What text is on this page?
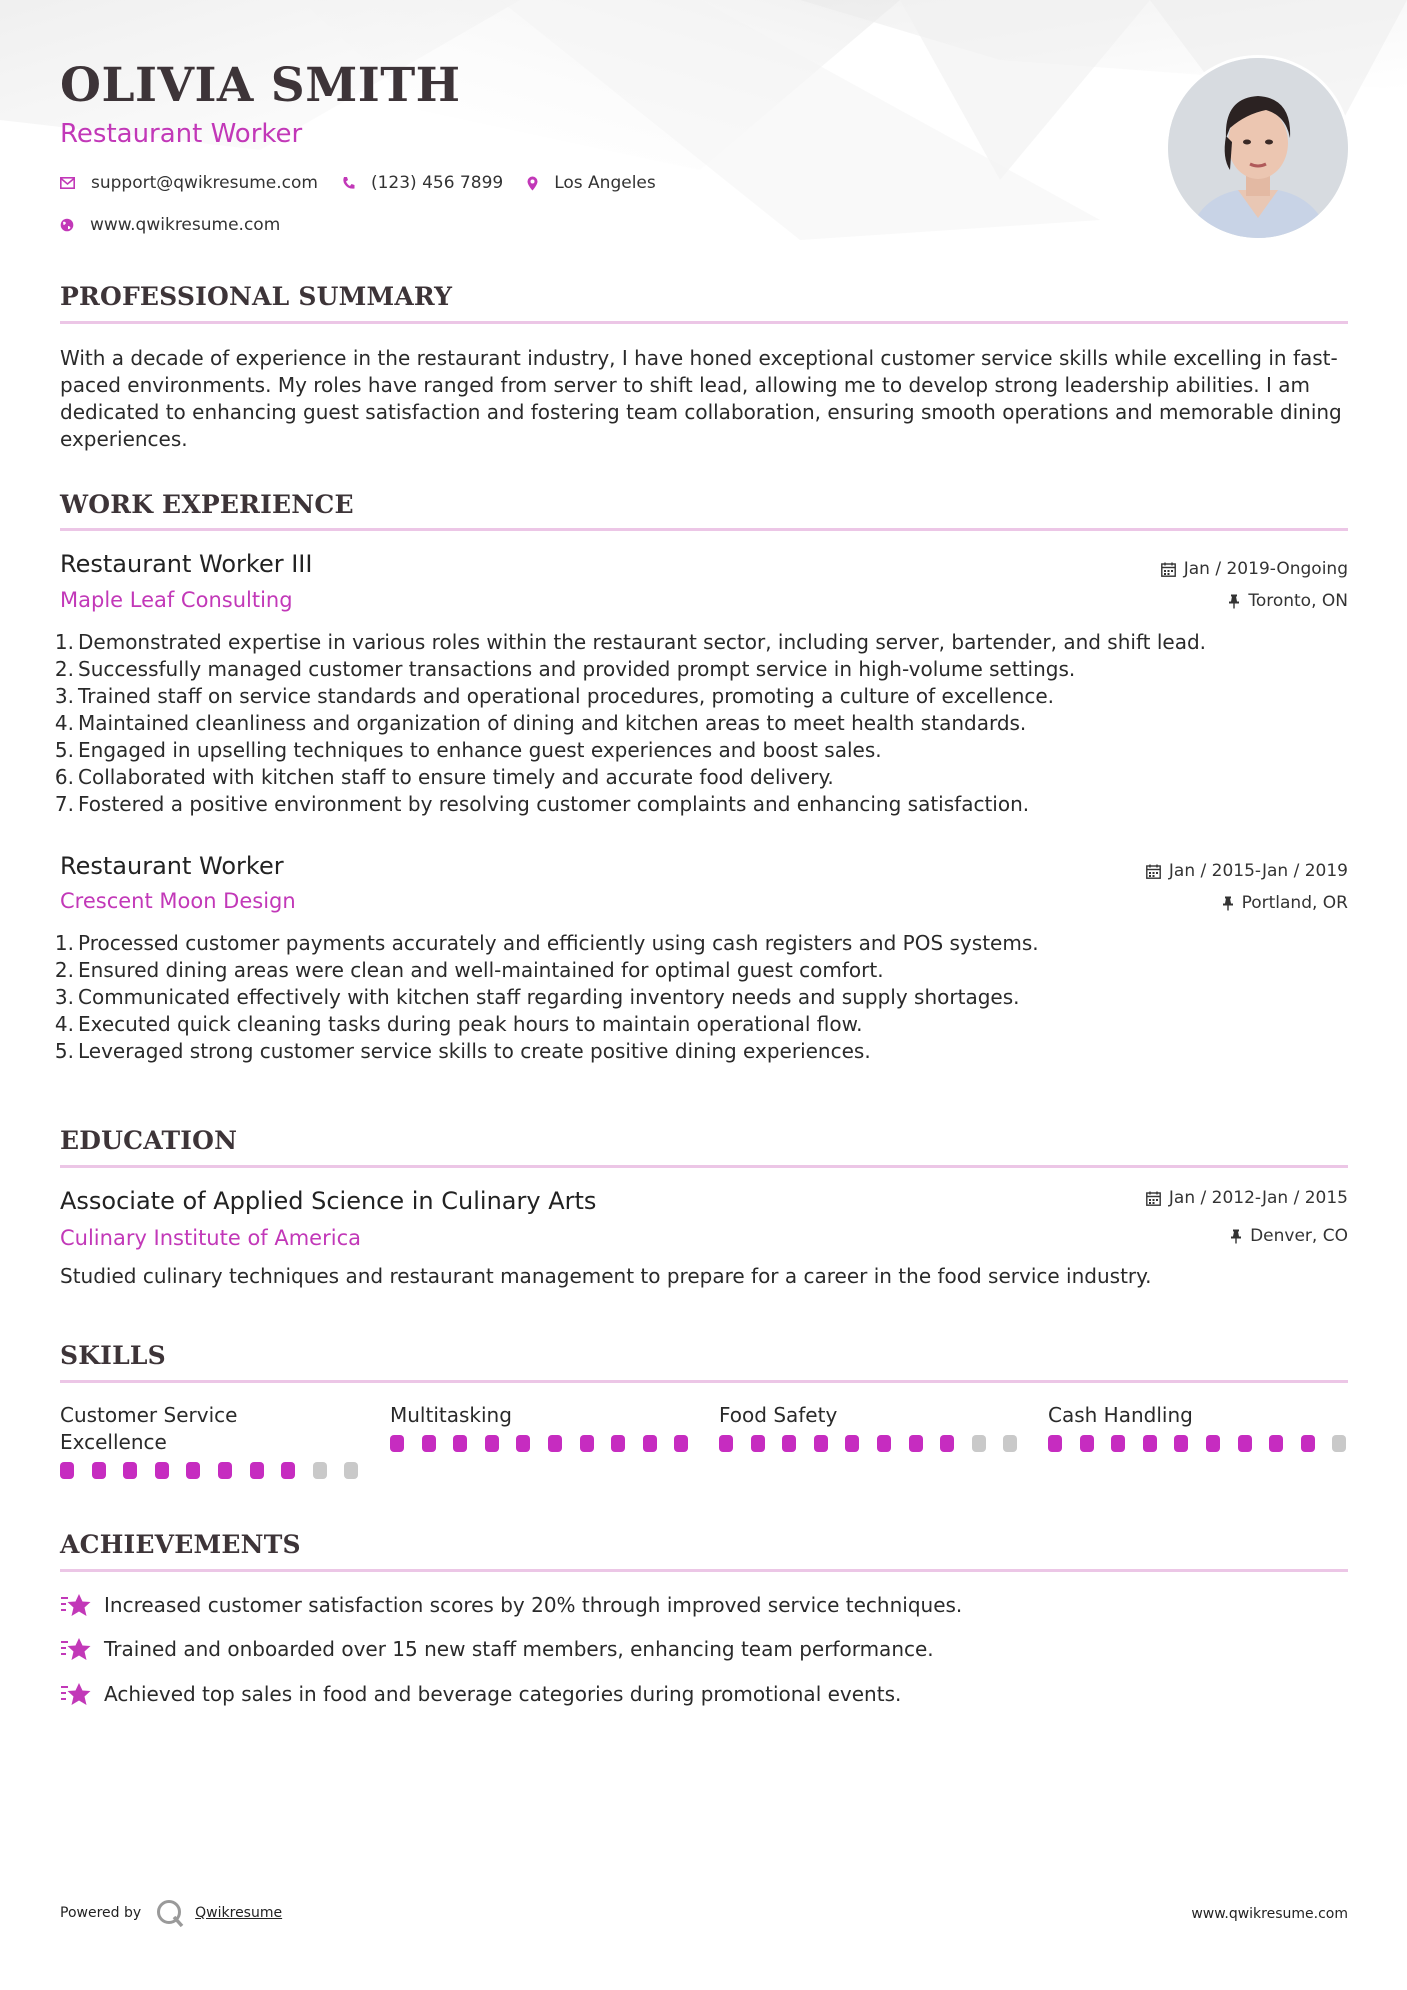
OLIVIA SMITH
Restaurant Worker
support@qwikresume.com	(123) 456 7899	Los Angeles
www.qwikresume.com
PROFESSIONAL SUMMARY

With a decade of experience in the restaurant industry, I have honed exceptional customer service skills while excelling in fast-paced environments. My roles have ranged from server to shift lead, allowing me to develop strong leadership abilities. I am dedicated to enhancing guest satisfaction and fostering team collaboration, ensuring smooth operations and memorable dining experiences.

WORK EXPERIENCE
Restaurant Worker III
Maple Leaf Consulting
Jan / 2019-Ongoing
Toronto, ON
1. Demonstrated expertise in various roles within the restaurant sector, including server, bartender, and shift lead.
2. Successfully managed customer transactions and provided prompt service in high-volume settings.
3. Trained staff on service standards and operational procedures, promoting a culture of excellence.
4. Maintained cleanliness and organization of dining and kitchen areas to meet health standards.
5. Engaged in upselling techniques to enhance guest experiences and boost sales.
6. Collaborated with kitchen staff to ensure timely and accurate food delivery.
7. Fostered a positive environment by resolving customer complaints and enhancing satisfaction.
Restaurant Worker
Crescent Moon Design
Jan / 2015-Jan / 2019
Portland, OR
1. Processed customer payments accurately and efficiently using cash registers and POS systems.
2. Ensured dining areas were clean and well-maintained for optimal guest comfort.
3. Communicated effectively with kitchen staff regarding inventory needs and supply shortages.
4. Executed quick cleaning tasks during peak hours to maintain operational flow.
5. Leveraged strong customer service skills to create positive dining experiences.
EDUCATION
Associate of Applied Science in Culinary Arts
Culinary Institute of America
Jan / 2012-Jan / 2015
Denver, CO

Studied culinary techniques and restaurant management to prepare for a career in the food service industry.

SKILLS
Customer Service Excellence
Multitasking	Food Safety	Cash Handling
ACHIEVEMENTS
Increased customer satisfaction scores by 20% through improved service techniques.
Trained and onboarded over 15 new staff members, enhancing team performance.
Achieved top sales in food and beverage categories during promotional events.
Powered by	Qwikresume	www.qwikresume.com
